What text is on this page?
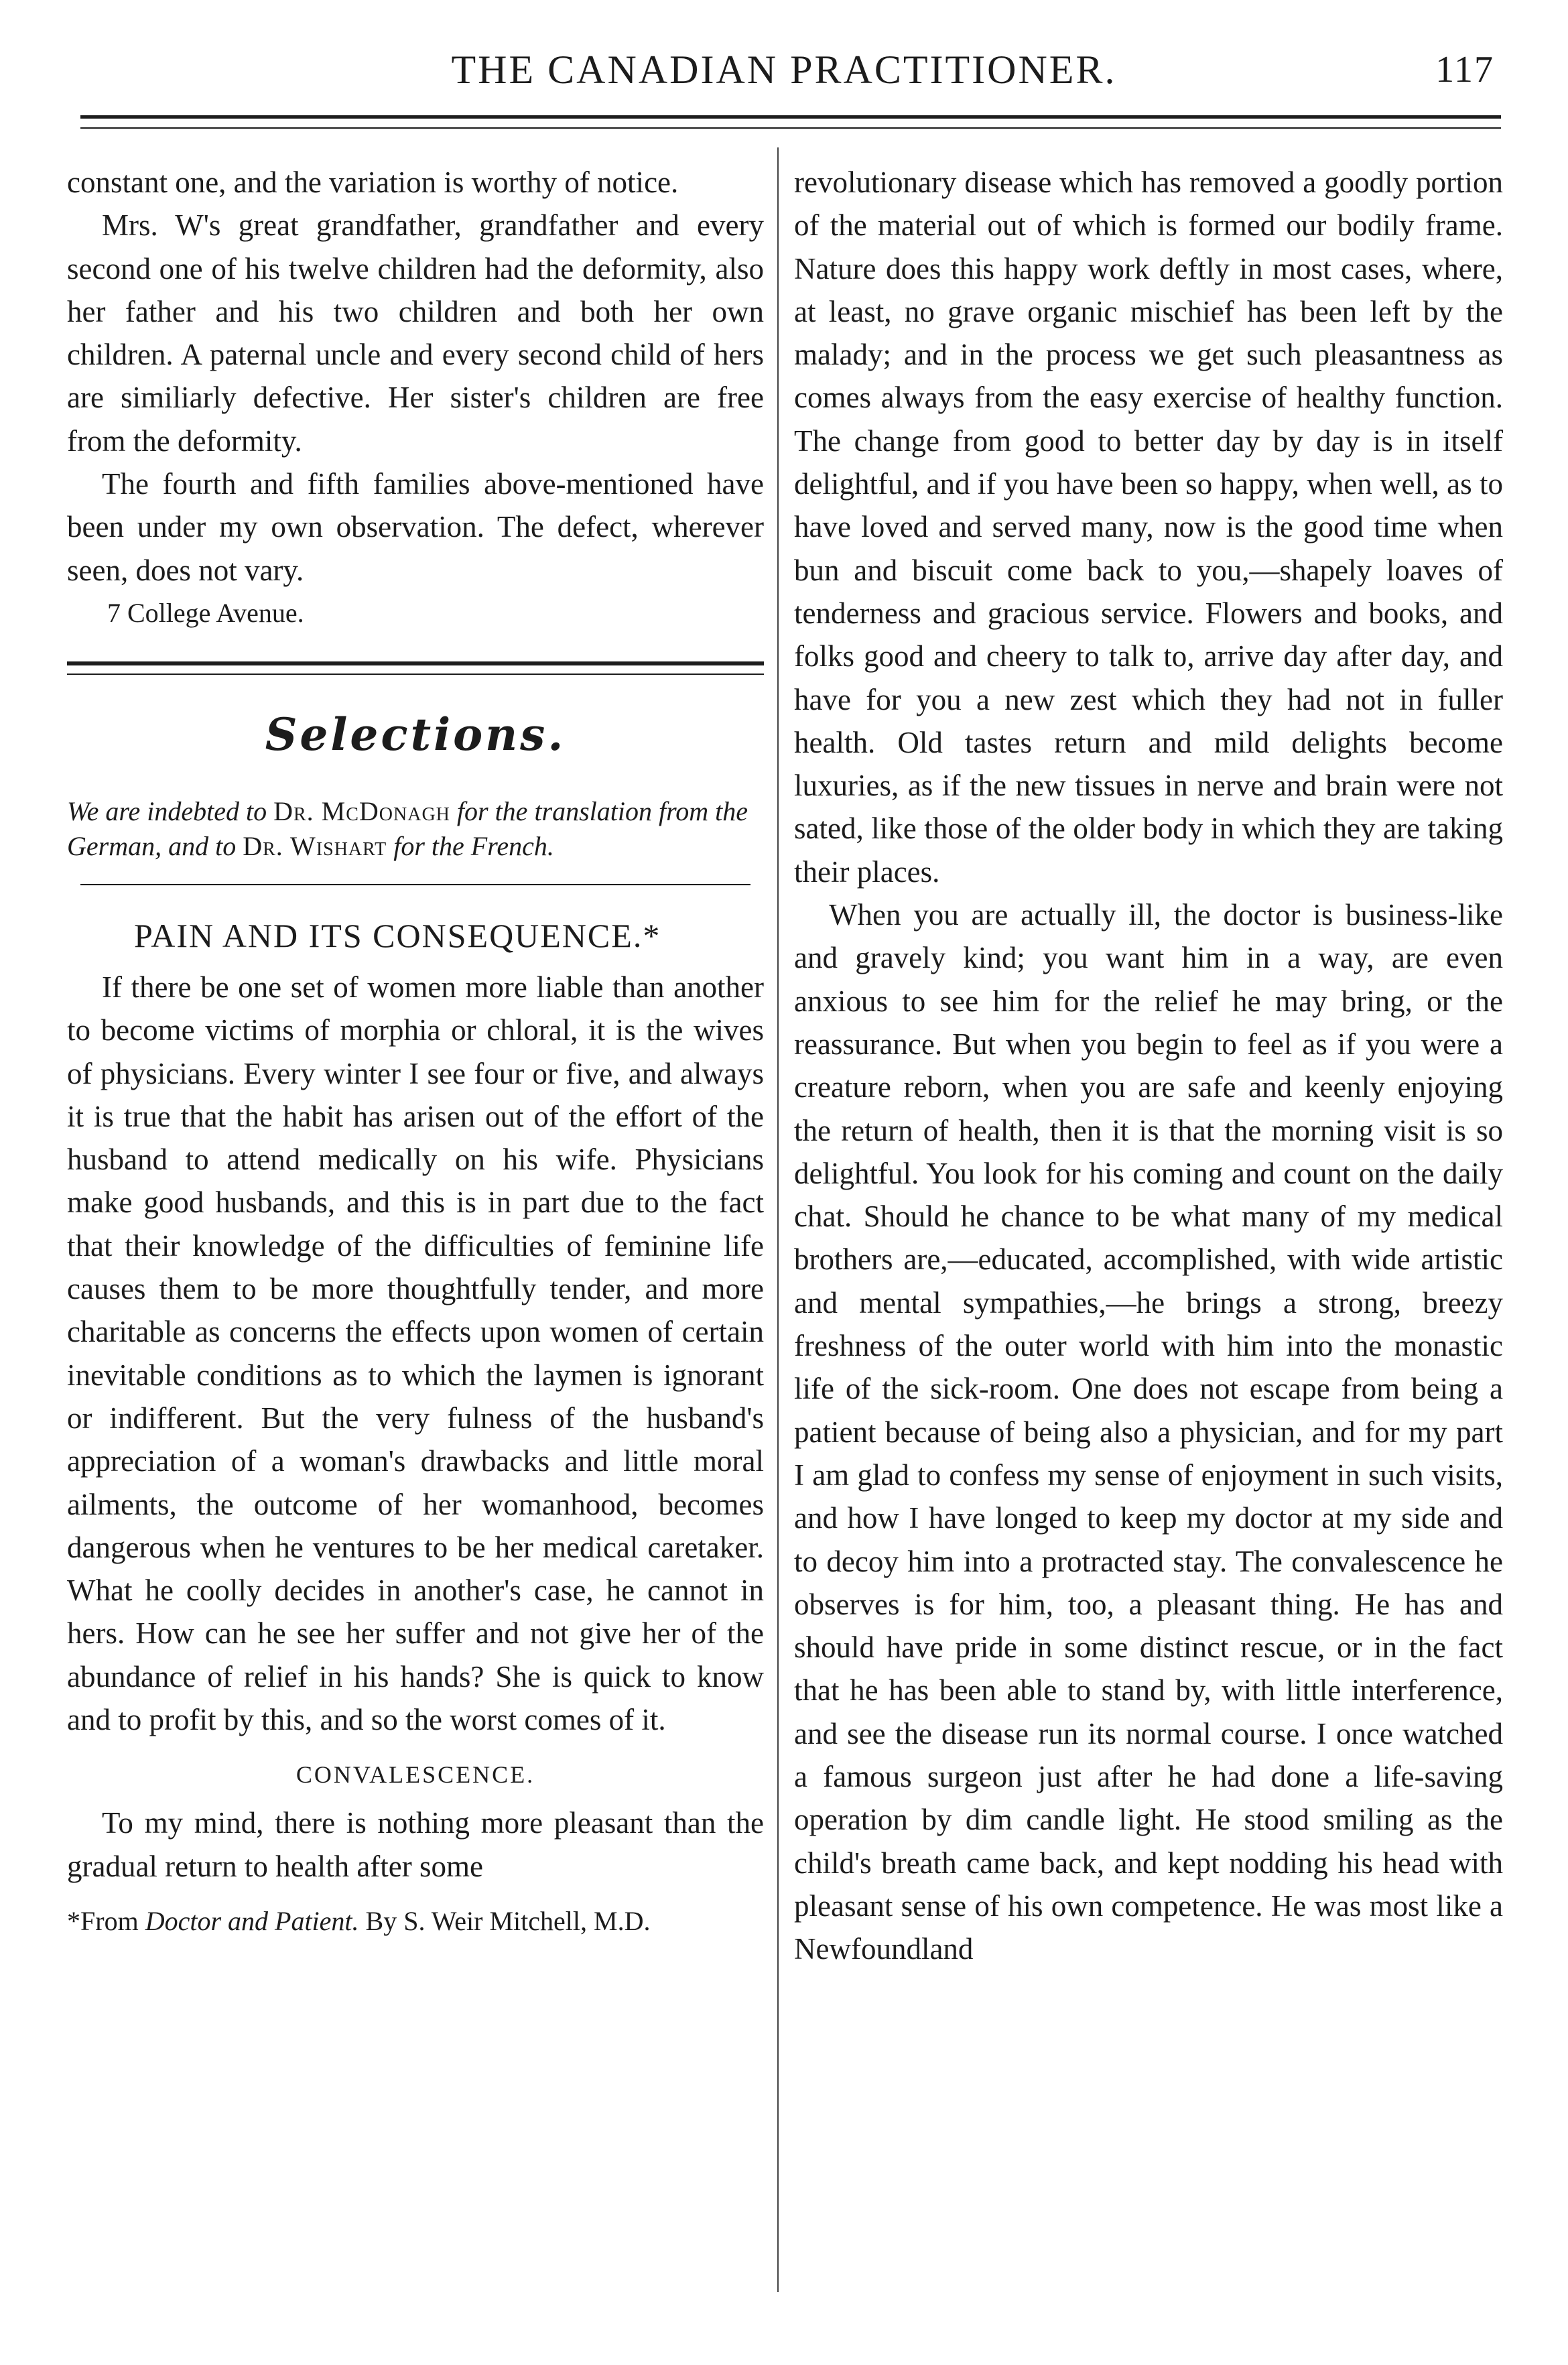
THE CANADIAN PRACTITIONER.	117

constant one, and the variation is worthy of notice.

Mrs. W's great grandfather, grandfather and every second one of his twelve children had the deformity, also her father and his two children and both her own children. A paternal uncle and every second child of hers are similiarly defective. Her sister's children are free from the deformity.

The fourth and fifth families above-mentioned have been under my own observation. The defect, wherever seen, does not vary.

7 College Avenue.
Selections.
We are indebted to Dr. McDonagh for the translation from the German, and to Dr. Wishart for the French.
PAIN AND ITS CONSEQUENCE.*

If there be one set of women more liable than another to become victims of morphia or chloral, it is the wives of physicians. Every winter I see four or five, and always it is true that the habit has arisen out of the effort of the husband to attend medically on his wife. Physicians make good husbands, and this is in part due to the fact that their knowledge of the difficulties of feminine life causes them to be more thoughtfully tender, and more charitable as concerns the effects upon women of certain inevitable conditions as to which the laymen is ignorant or indifferent. But the very fulness of the husband's appreciation of a woman's drawbacks and little moral ailments, the outcome of her womanhood, becomes dangerous when he ventures to be her medical caretaker. What he coolly decides in another's case, he cannot in hers. How can he see her suffer and not give her of the abundance of relief in his hands? She is quick to know and to profit by this, and so the worst comes of it.

CONVALESCENCE.

To my mind, there is nothing more pleasant than the gradual return to health after some

*From Doctor and Patient. By S. Weir Mitchell, M.D.

revolutionary disease which has removed a goodly portion of the material out of which is formed our bodily frame. Nature does this happy work deftly in most cases, where, at least, no grave organic mischief has been left by the malady; and in the process we get such pleasantness as comes always from the easy exercise of healthy function. The change from good to better day by day is in itself delightful, and if you have been so happy, when well, as to have loved and served many, now is the good time when bun and biscuit come back to you,—shapely loaves of tenderness and gracious service. Flowers and books, and folks good and cheery to talk to, arrive day after day, and have for you a new zest which they had not in fuller health. Old tastes return and mild delights become luxuries, as if the new tissues in nerve and brain were not sated, like those of the older body in which they are taking their places.

When you are actually ill, the doctor is business-like and gravely kind; you want him in a way, are even anxious to see him for the relief he may bring, or the reassurance. But when you begin to feel as if you were a creature reborn, when you are safe and keenly enjoying the return of health, then it is that the morning visit is so delightful. You look for his coming and count on the daily chat. Should he chance to be what many of my medical brothers are,—educated, accomplished, with wide artistic and mental sympathies,—he brings a strong, breezy freshness of the outer world with him into the monastic life of the sick-room. One does not escape from being a patient because of being also a physician, and for my part I am glad to confess my sense of enjoyment in such visits, and how I have longed to keep my doctor at my side and to decoy him into a protracted stay. The convalescence he observes is for him, too, a pleasant thing. He has and should have pride in some distinct rescue, or in the fact that he has been able to stand by, with little interference, and see the disease run its normal course. I once watched a famous surgeon just after he had done a life-saving operation by dim candle light. He stood smiling as the child's breath came back, and kept nodding his head with pleasant sense of his own competence. He was most like a Newfoundland
